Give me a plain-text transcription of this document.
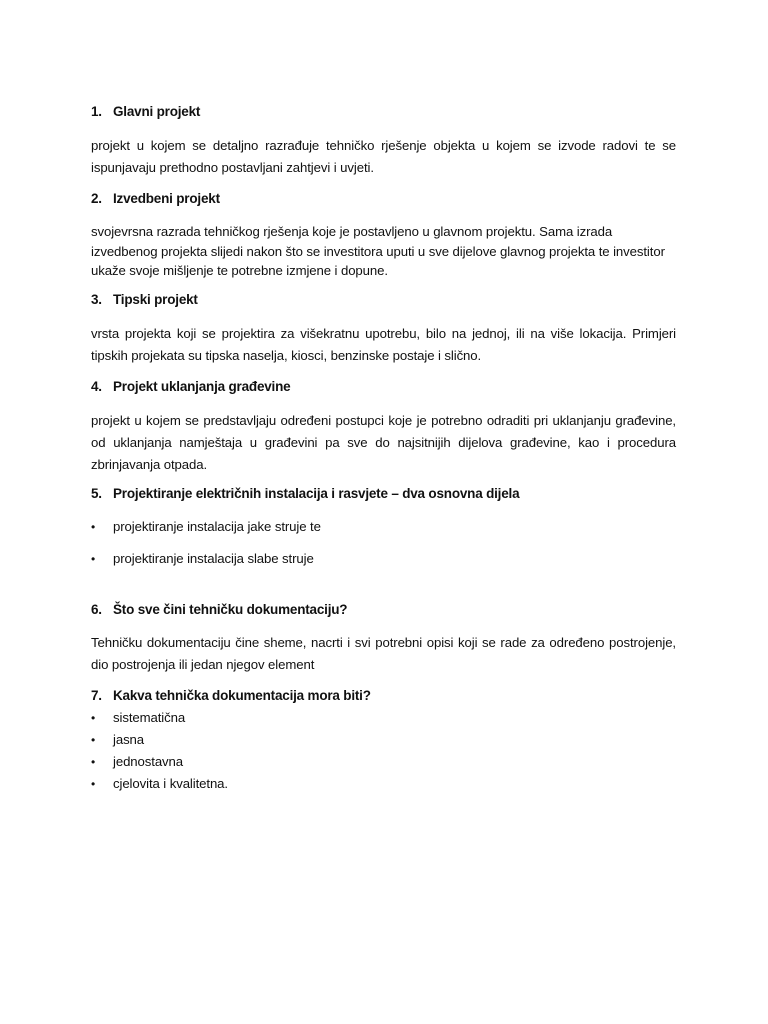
1. Glavni projekt

projekt u kojem se detaljno razrađuje tehničko rješenje objekta u kojem se izvode radovi te se ispunjavaju prethodno postavljani zahtjevi i uvjeti.

2. Izvedbeni projekt

svojevrsna razrada tehničkog rješenja koje je postavljeno u glavnom projektu. Sama izrada izvedbenog projekta slijedi nakon što se investitora uputi u sve dijelove glavnog projekta te investitor ukaže svoje mišljenje te potrebne izmjene i dopune.

3. Tipski projekt

vrsta projekta koji se projektira za višekratnu upotrebu, bilo na jednoj, ili na više lokacija. Primjeri tipskih projekata su tipska naselja, kiosci, benzinske postaje i slično.

4. Projekt uklanjanja građevine

projekt u kojem se predstavljaju određeni postupci koje je potrebno odraditi pri uklanjanju građevine, od uklanjanja namještaja u građevini pa sve do najsitnijih dijelova građevine, kao i procedura zbrinjavanja otpada.

5. Projektiranje električnih instalacija i rasvjete – dva osnovna dijela
• projektiranje instalacija jake struje te
• projektiranje instalacija slabe struje
6. Što sve čini tehničku dokumentaciju?

Tehničku dokumentaciju čine sheme, nacrti i svi potrebni opisi koji se rade za određeno postrojenje, dio postrojenja ili jedan njegov element

7. Kakva tehnička dokumentacija mora biti?
• sistematična
• jasna
• jednostavna
• cjelovita i kvalitetna.
